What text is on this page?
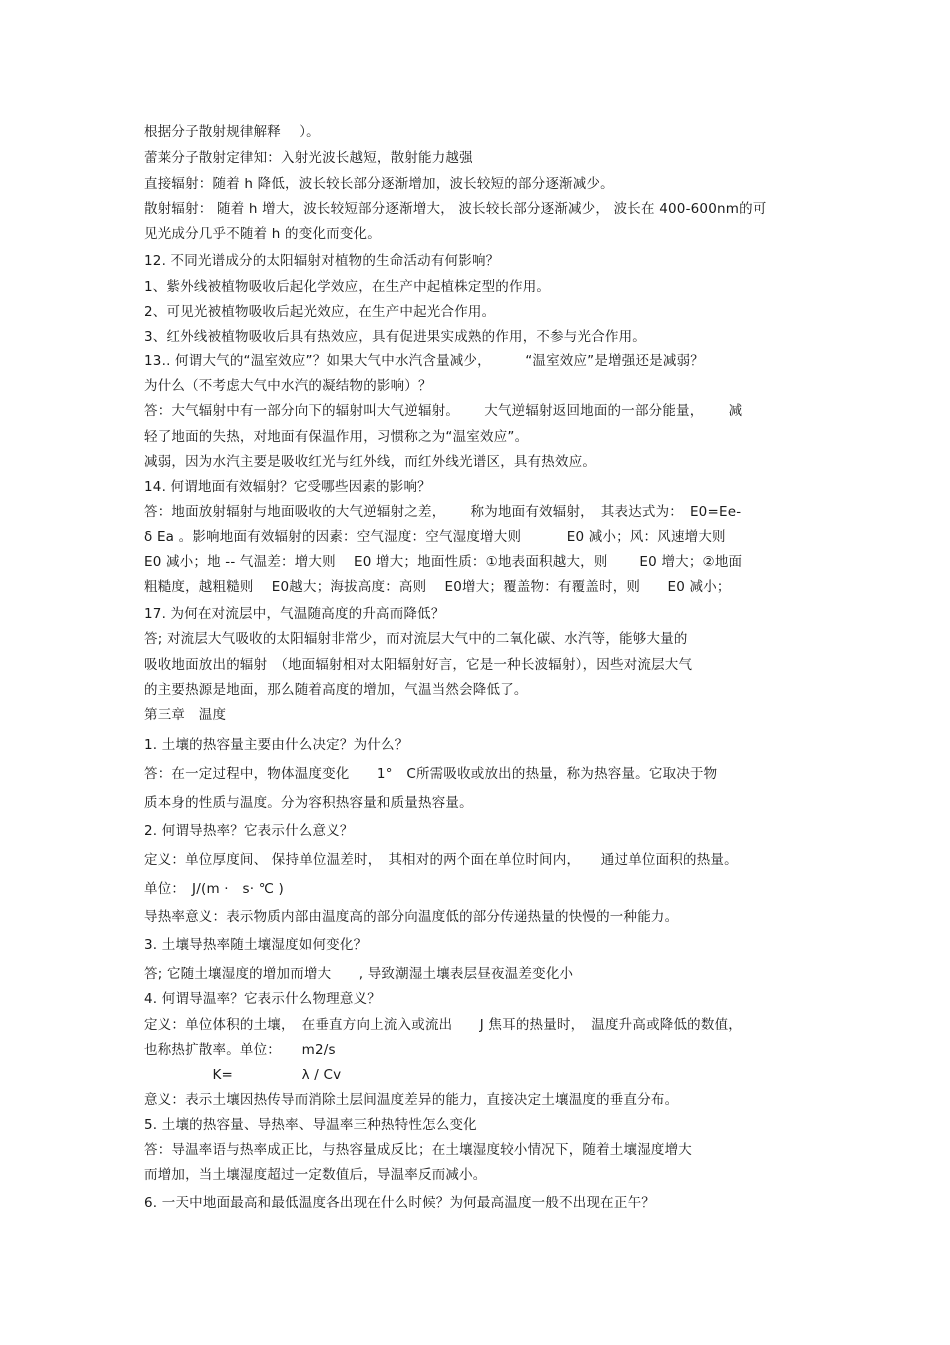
根据分子散射规律解释　 ）。
蕾莱分子散射定律知：入射光波长越短，散射能力越强
直接辐射：随着 h 降低，波长较长部分逐渐增加，波长较短的部分逐渐减少。
散射辐射： 随着 h 增大，波长较短部分逐渐增大， 波长较长部分逐渐减少， 波长在 400-600nm的可
见光成分几乎不随着 h 的变化而变化。
12. 不同光谱成分的太阳辐射对植物的生命活动有何影响？
1、紫外线被植物吸收后起化学效应，在生产中起植株定型的作用。
2、可见光被植物吸收后起光效应，在生产中起光合作用。
3、红外线被植物吸收后具有热效应，具有促进果实成熟的作用，不参与光合作用。
13.. 何谓大气的“温室效应”？如果大气中水汽含量减少，　　　“温室效应”是增强还是减弱？
为什么（不考虑大气中水汽的凝结物的影响）？
答：大气辐射中有一部分向下的辐射叫大气逆辐射。　　 大气逆辐射返回地面的一部分能量，　　 减
轻了地面的失热，对地面有保温作用，习惯称之为“温室效应”。
减弱，因为水汽主要是吸收红光与红外线，而红外线光谱区，具有热效应。
14. 何谓地面有效辐射？它受哪些因素的影响？
答：地面放射辐射与地面吸收的大气逆辐射之差，　　 称为地面有效辐射，　其表达式为：　E0=Ee-
δ Ea 。影响地面有效辐射的因素：空气湿度：空气湿度增大则　　　 E0 减小；风：风速增大则
E0 减小；地 -- 气温差：增大则　 E0 增大；地面性质：①地表面积越大，则　　 E0 增大；②地面
粗糙度，越粗糙则　 E0越大；海拔高度：高则　 E0增大；覆盖物：有覆盖时，则　　E0 减小；
17. 为何在对流层中，气温随高度的升高而降低？
答; 对流层大气吸收的太阳辐射非常少，而对流层大气中的二氧化碳、水汽等，能够大量的
吸收地面放出的辐射　（地面辐射相对太阳辐射好言，它是一种长波辐射），因些对流层大气
的主要热源是地面，那么随着高度的增加，气温当然会降低了。
第三章　温度
1. 土壤的热容量主要由什么决定？为什么？
答：在一定过程中，物体温度变化　　1°　C所需吸收或放出的热量，称为热容量。它取决于物
质本身的性质与温度。分为容积热容量和质量热容量。
2. 何谓导热率？它表示什么意义？
定义：单位厚度间、 保持单位温差时，　其相对的两个面在单位时间内，　　通过单位面积的热量。
单位：　J/(m ·　s· ℃ )
导热率意义：表示物质内部由温度高的部分向温度低的部分传递热量的快慢的一种能力。
3. 土壤导热率随土壤湿度如何变化？
答; 它随土壤湿度的增加而增大　　, 导致潮湿土壤表层昼夜温差变化小
4. 何谓导温率？它表示什么物理意义？
定义：单位体积的土壤，　在垂直方向上流入或流出　　J 焦耳的热量时，　温度升高或降低的数值，
也称热扩散率。单位：　　m2/s
　　　　　K=　　　　　λ / Cv
意义：表示土壤因热传导而消除土层间温度差异的能力，直接决定土壤温度的垂直分布。
5. 土壤的热容量、导热率、导温率三种热特性怎么变化
答：导温率语与热率成正比，与热容量成反比；在土壤湿度较小情况下，随着土壤湿度增大
而增加，当土壤湿度超过一定数值后，导温率反而减小。
6. 一天中地面最高和最低温度各出现在什么时候？为何最高温度一般不出现在正午？
